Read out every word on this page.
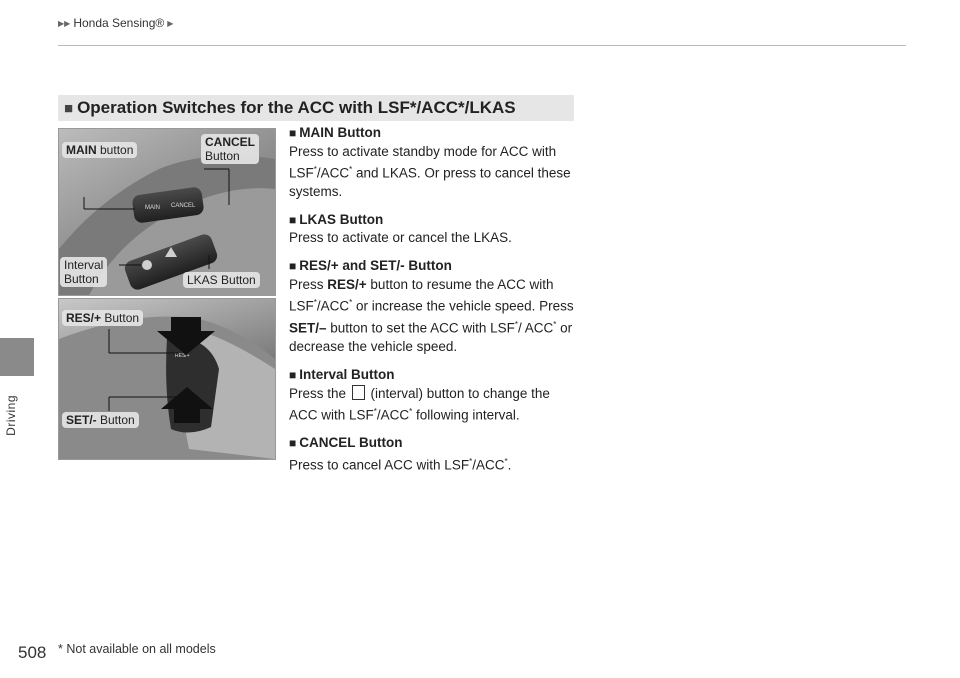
▶▶ Honda Sensing® ▶
Driving
■ Operation Switches for the ACC with LSF*/ACC*/LKAS
MAIN CANCEL
MAIN button
CANCEL
Button
Interval
Button	LKAS Button
RES/+
RES/+ Button
SET/- Button
■ MAIN Button
Press to activate standby mode for ACC with LSF*/ACC* and LKAS. Or press to cancel these systems.
■ LKAS Button
Press to activate or cancel the LKAS.
■ RES/+ and SET/- Button
Press RES/+ button to resume the ACC with LSF*/ACC* or increase the vehicle speed. Press SET/– button to set the ACC with LSF*/ ACC* or decrease the vehicle speed.
■ Interval Button
Press the  (interval) button to change the ACC with LSF*/ACC* following interval.
■ CANCEL Button
Press to cancel ACC with LSF*/ACC*.
508 * Not available on all models
